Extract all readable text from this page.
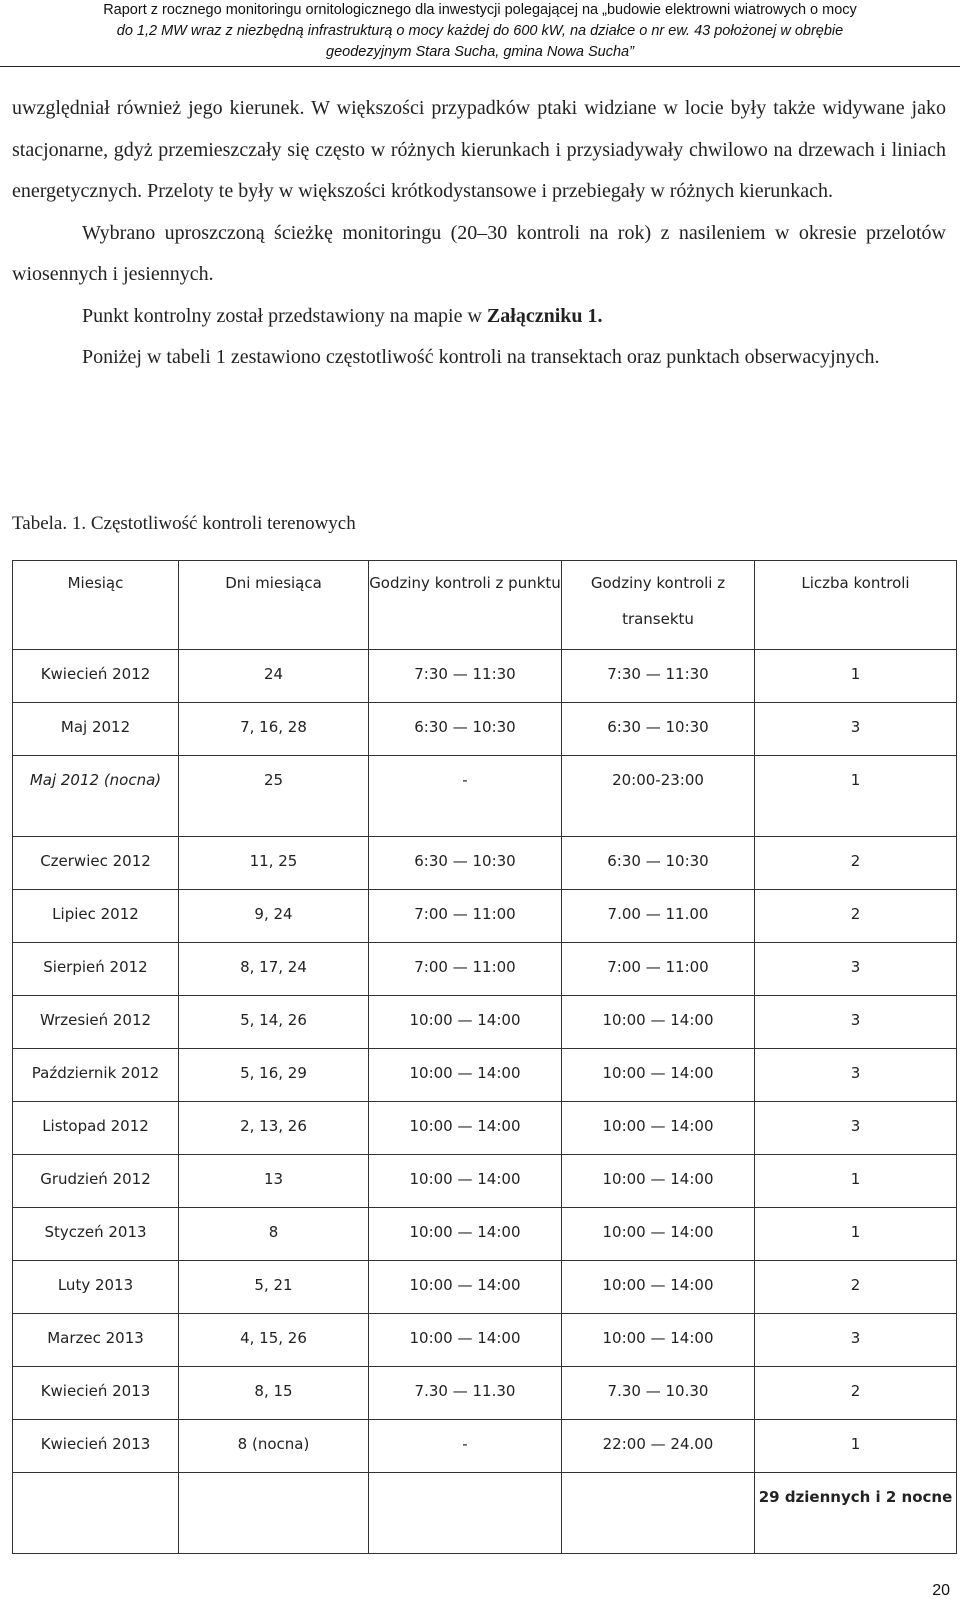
Raport z rocznego monitoringu ornitologicznego dla inwestycji polegającej na „budowie elektrowni wiatrowych o mocy
do 1,2 MW wraz z niezbędną infrastrukturą o mocy każdej do 600 kW, na działce o nr ew. 43 położonej w obrębie
geodezyjnym Stara Sucha, gmina Nowa Sucha”

uwzględniał również jego kierunek. W większości przypadków ptaki widziane w locie były także widywane jako stacjonarne, gdyż przemieszczały się często w różnych kierunkach i przysiadywały chwilowo na drzewach i liniach energetycznych. Przeloty te były w większości krótkodystansowe i przebiegały w różnych kierunkach.

Wybrano uproszczoną ścieżkę monitoringu (20–30 kontroli na rok) z nasileniem w okresie przelotów wiosennych i jesiennych.

Punkt kontrolny został przedstawiony na mapie w Załączniku 1.

Poniżej w tabeli 1 zestawiono częstotliwość kontroli na transektach oraz punktach obserwacyjnych.

Tabela. 1. Częstotliwość kontroli terenowych
Miesiąc	Dni miesiąca	Godziny kontroli z punktu	Godziny kontroli z transektu	Liczba kontroli
Kwiecień 2012	24	7:30 — 11:30	7:30 — 11:30	1
Maj 2012	7, 16, 28	6:30 — 10:30	6:30 — 10:30	3
Maj 2012 (nocna)	25	-	20:00-23:00	1
Czerwiec 2012	11, 25	6:30 — 10:30	6:30 — 10:30	2
Lipiec 2012	9, 24	7:00 — 11:00	7.00 — 11.00	2
Sierpień 2012	8, 17, 24	7:00 — 11:00	7:00 — 11:00	3
Wrzesień 2012	5, 14, 26	10:00 — 14:00	10:00 — 14:00	3
Październik 2012	5, 16, 29	10:00 — 14:00	10:00 — 14:00	3
Listopad 2012	2, 13, 26	10:00 — 14:00	10:00 — 14:00	3
Grudzień 2012	13	10:00 — 14:00	10:00 — 14:00	1
Styczeń 2013	8	10:00 — 14:00	10:00 — 14:00	1
Luty 2013	5, 21	10:00 — 14:00	10:00 — 14:00	2
Marzec 2013	4, 15, 26	10:00 — 14:00	10:00 — 14:00	3
Kwiecień 2013	8, 15	7.30 — 11.30	7.30 — 10.30	2
Kwiecień 2013	8 (nocna)	-	22:00 — 24.00	1
				29 dziennych i 2 nocne
20
